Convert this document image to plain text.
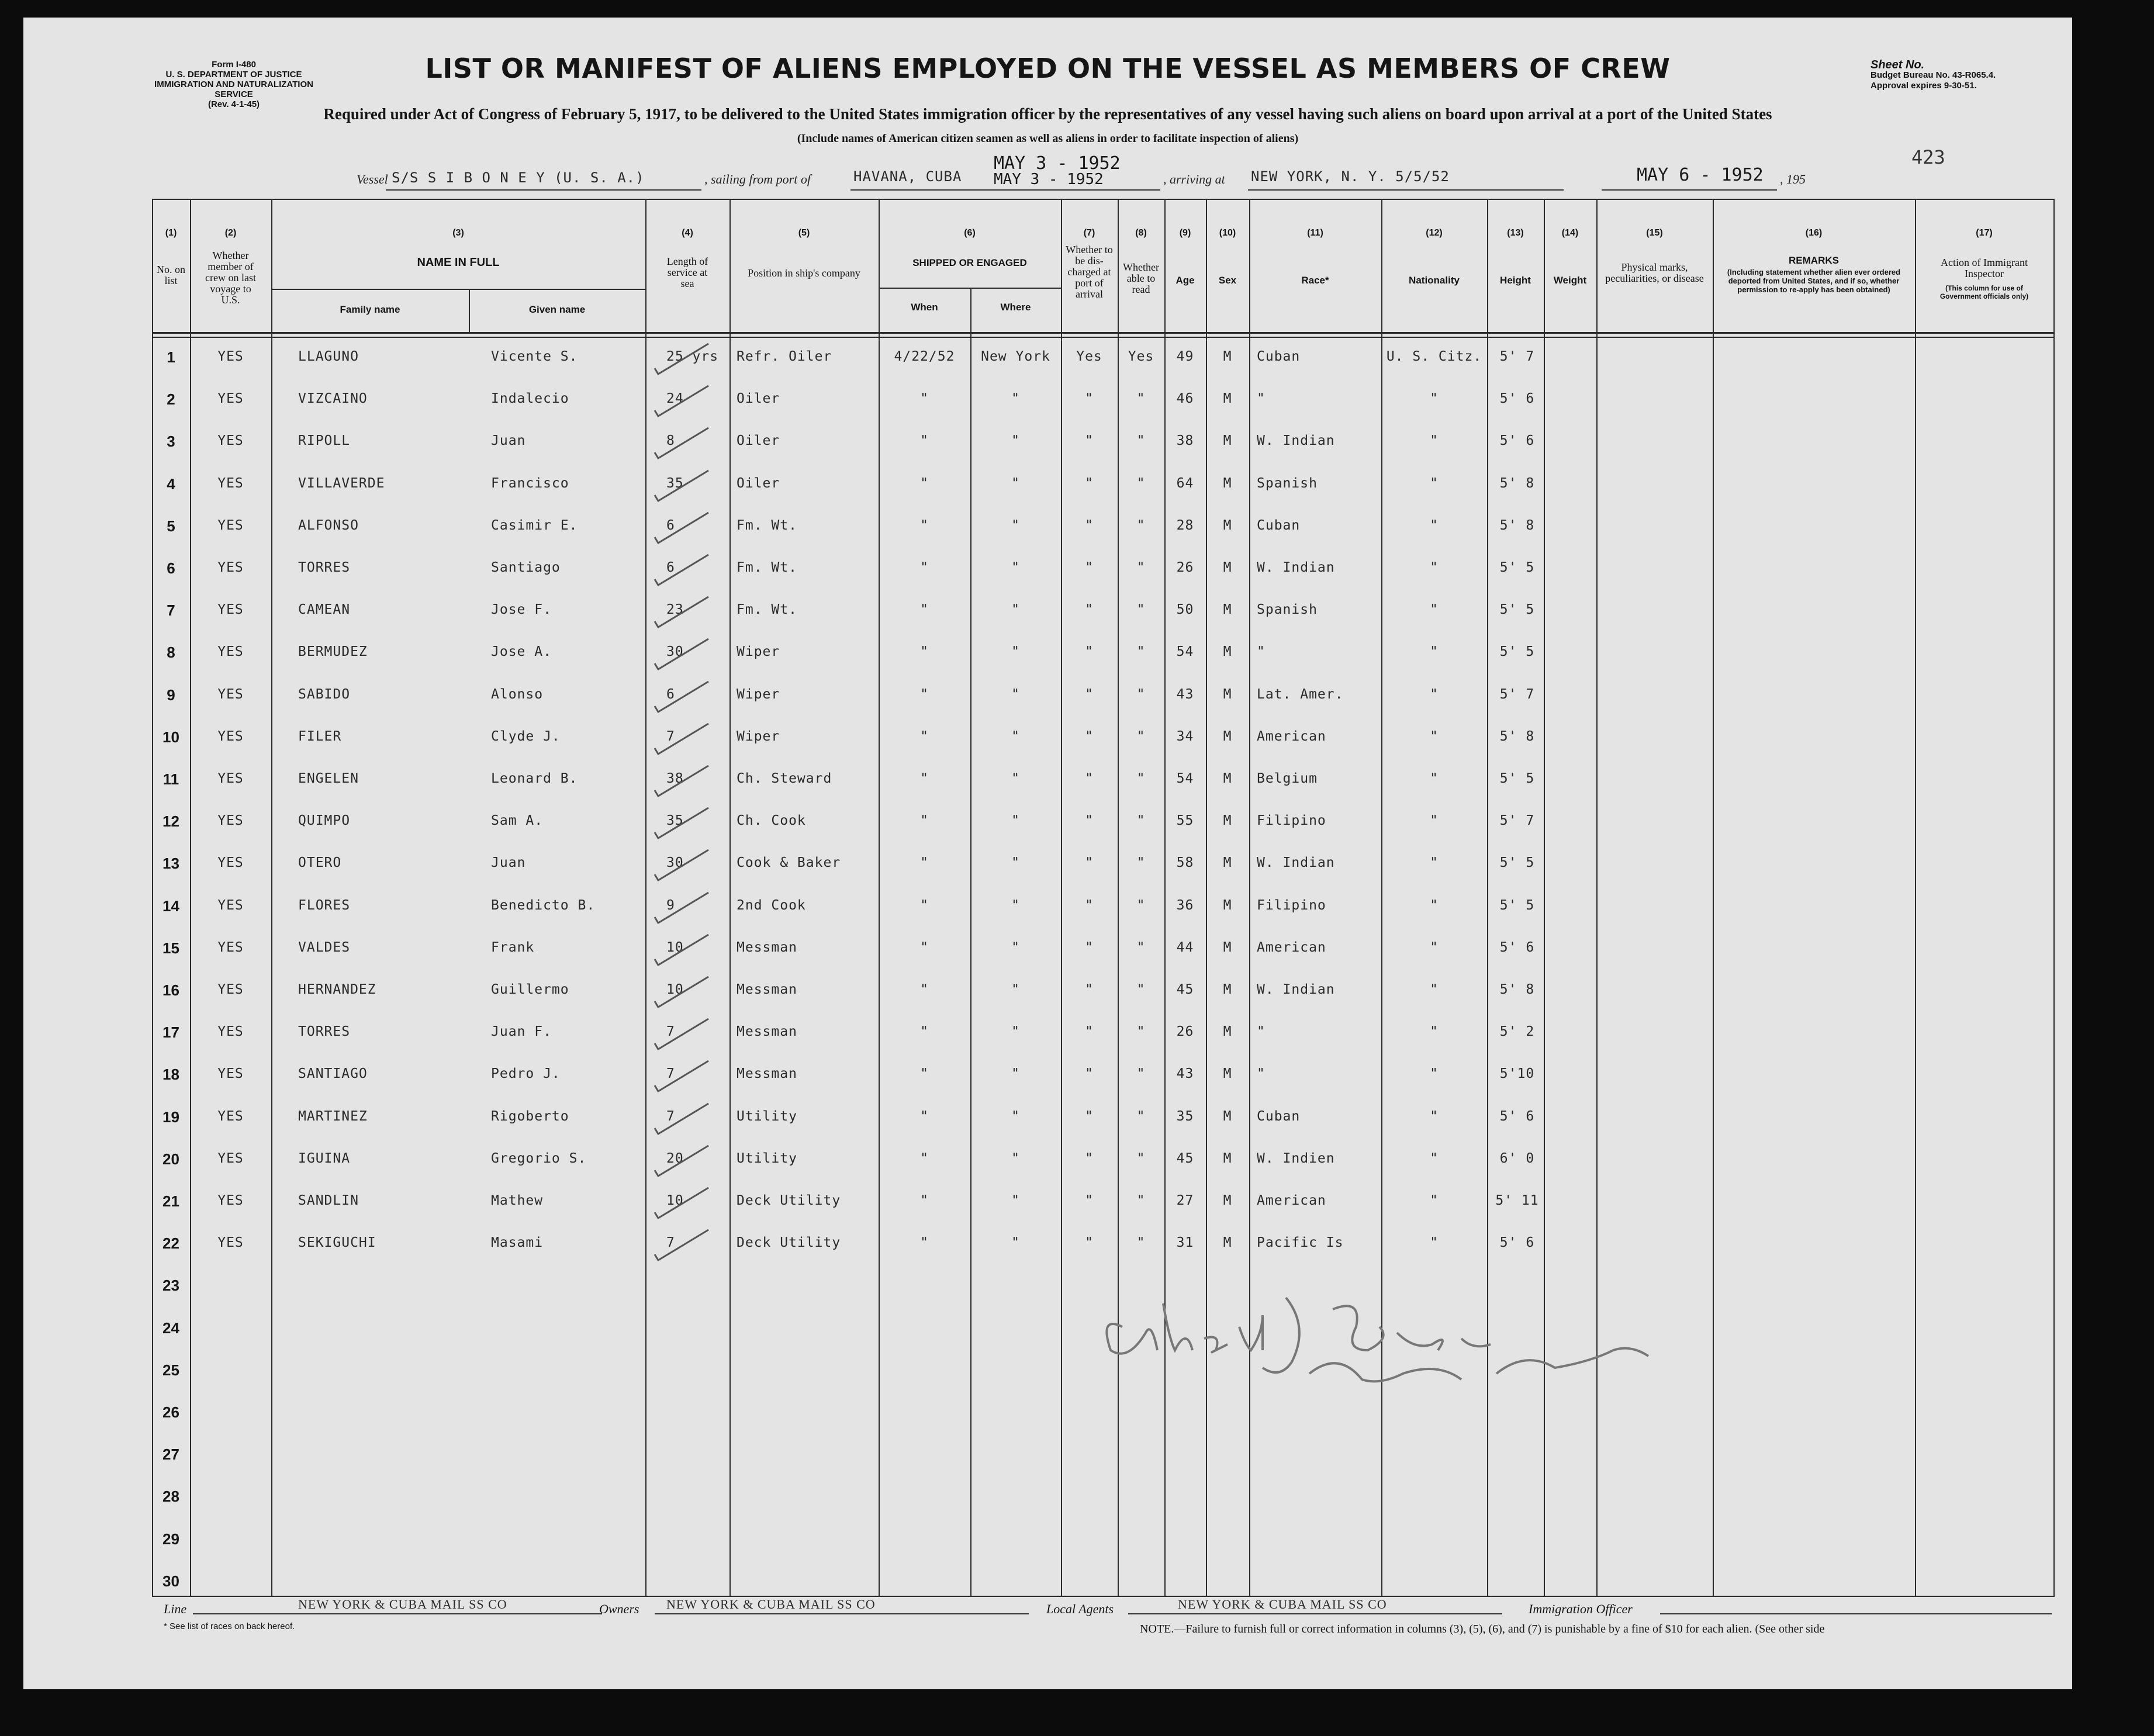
Form I-480
U. S. DEPARTMENT OF JUSTICE
IMMIGRATION AND NATURALIZATION SERVICE
(Rev. 4-1-45)
LIST OR MANIFEST OF ALIENS EMPLOYED ON THE VESSEL AS MEMBERS OF CREW
Required under Act of Congress of February 5, 1917, to be delivered to the United States immigration officer by the representatives of any vessel having such aliens on board upon arrival at a port of the United States
(Include names of American citizen seamen as well as aliens in order to facilitate inspection of aliens)
Sheet No.
Budget Bureau No. 43-R065.4.
Approval expires 9-30-51.
423
Vessel S/S S I B O N E Y (U. S. A.)	, sailing from port of	HAVANA, CUBA
MAY 3 - 1952
MAY 3 - 1952	, arriving at NEW YORK, N. Y. 5/5/52	MAY 6 - 1952 , 195
(1)	(2)	(3)	(4)	(5)	(6)	(7)	(8)	(9)	(10)	(11)	(12)	(13)	(14)	(15)	(16)	(17)
No. on list
Whether member of crew on last voyage to U.S.
NAME IN FULL
Family name	Given name
Length of service at sea
Position in ship's company
SHIPPED OR ENGAGED
When	Where
Whether to be dis-charged at port of arrival
Whether able to read
Age	Sex	Race*	Nationality	Height	Weight
Physical marks, peculiarities, or disease
REMARKS
(Including statement whether alien ever ordered deported from United States, and if so, whether permission to re-apply has been obtained)
Action of Immigrant Inspector
(This column for use of Government officials only)
1	YES	LLAGUNO	Vicente S.	25 yrs	Refr. Oiler	4/22/52	New York	Yes	Yes	49	M	Cuban	U. S. Citz.	5' 7
2	YES	VIZCAINO	Indalecio	24	Oiler	"	"	"	"	46	M	"	"	5' 6
3	YES	RIPOLL	Juan	8	Oiler	"	"	"	"	38	M	W. Indian	"	5' 6
4	YES	VILLAVERDE	Francisco	35	Oiler	"	"	"	"	64	M	Spanish	"	5' 8
5	YES	ALFONSO	Casimir E.	6	Fm. Wt.	"	"	"	"	28	M	Cuban	"	5' 8
6	YES	TORRES	Santiago	6	Fm. Wt.	"	"	"	"	26	M	W. Indian	"	5' 5
7	YES	CAMEAN	Jose F.	23	Fm. Wt.	"	"	"	"	50	M	Spanish	"	5' 5
8	YES	BERMUDEZ	Jose A.	30	Wiper	"	"	"	"	54	M	"	"	5' 5
9	YES	SABIDO	Alonso	6	Wiper	"	"	"	"	43	M	Lat. Amer.	"	5' 7
10	YES	FILER	Clyde J.	7	Wiper	"	"	"	"	34	M	American	"	5' 8
11	YES	ENGELEN	Leonard B.	38	Ch. Steward	"	"	"	"	54	M	Belgium	"	5' 5
12	YES	QUIMPO	Sam A.	35	Ch. Cook	"	"	"	"	55	M	Filipino	"	5' 7
13	YES	OTERO	Juan	30	Cook & Baker	"	"	"	"	58	M	W. Indian	"	5' 5
14	YES	FLORES	Benedicto B.	9	2nd Cook	"	"	"	"	36	M	Filipino	"	5' 5
15	YES	VALDES	Frank	10	Messman	"	"	"	"	44	M	American	"	5' 6
16	YES	HERNANDEZ	Guillermo	10	Messman	"	"	"	"	45	M	W. Indian	"	5' 8
17	YES	TORRES	Juan F.	7	Messman	"	"	"	"	26	M	"	"	5' 2
18	YES	SANTIAGO	Pedro J.	7	Messman	"	"	"	"	43	M	"	"	5'10
19	YES	MARTINEZ	Rigoberto	7	Utility	"	"	"	"	35	M	Cuban	"	5' 6
20	YES	IGUINA	Gregorio S.	20	Utility	"	"	"	"	45	M	W. Indien	"	6' 0
21	YES	SANDLIN	Mathew	10	Deck Utility	"	"	"	"	27	M	American	"	5' 11
22	YES	SEKIGUCHI	Masami	7	Deck Utility	"	"	"	"	31	M	Pacific Is	"	5' 6
23
24
25
26
27
28
29
30
Line	NEW YORK & CUBA MAIL SS CO	Owners NEW YORK & CUBA MAIL SS CO	Local Agents	NEW YORK & CUBA MAIL SS CO	Immigration Officer
* See list of races on back hereof.	NOTE.—Failure to furnish full or correct information in columns (3), (5), (6), and (7) is punishable by a fine of $10 for each alien. (See other side
